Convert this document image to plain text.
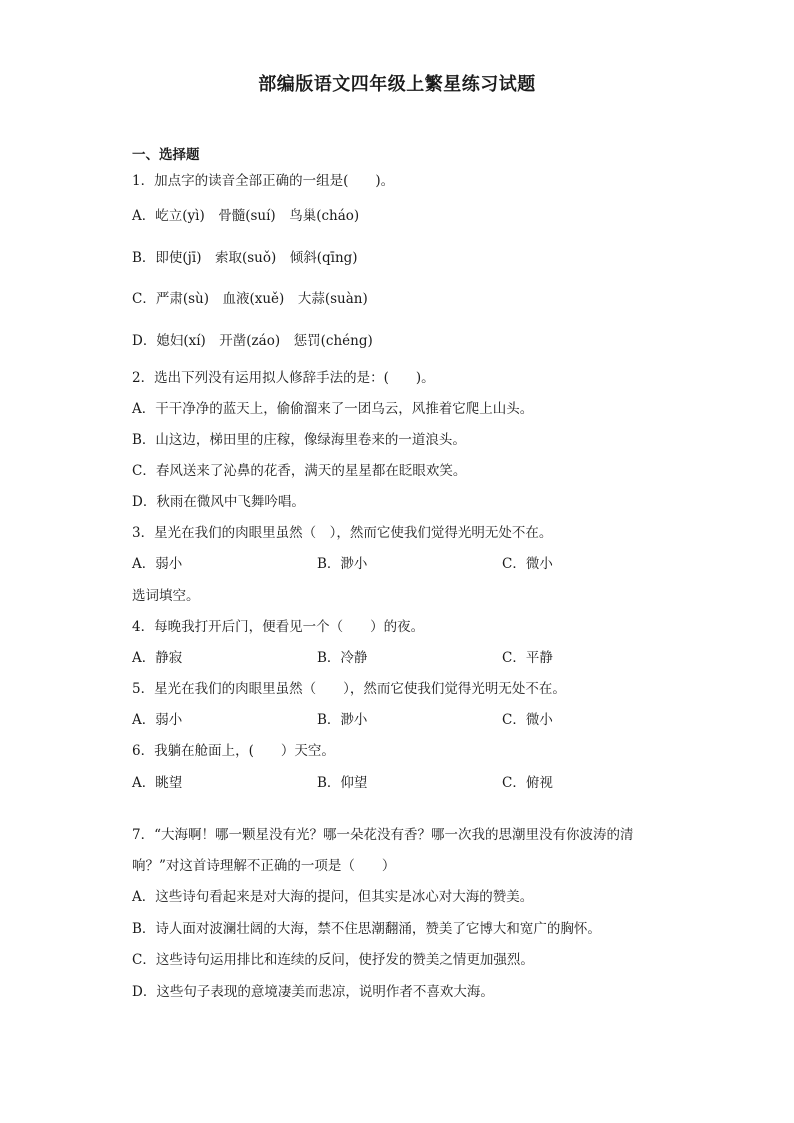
部编版语文四年级上繁星练习试题
一、选择题
1．加点字的读音全部正确的一组是(　　)。
A．屹立(yì)　骨髓(suí)　鸟巢(cháo)
B．即使(jī)　索取(suǒ)　倾斜(qīng)
C．严肃(sù)　血液(xuě)　大蒜(suàn)
D．媳妇(xí)　开凿(záo)　惩罚(chéng)
2．选出下列没有运用拟人修辞手法的是：(　　)。
A．干干净净的蓝天上，偷偷溜来了一团乌云，风推着它爬上山头。
B．山这边，梯田里的庄稼，像绿海里卷来的一道浪头。
C．春风送来了沁鼻的花香，满天的星星都在眨眼欢笑。
D．秋雨在微风中飞舞吟唱。
3．星光在我们的肉眼里虽然（　），然而它使我们觉得光明无处不在。
A．弱小	B．渺小	C．微小
选词填空。
4．每晚我打开后门，便看见一个（　　）的夜。
A．静寂	B．冷静	C．平静
5．星光在我们的肉眼里虽然（　　），然而它使我们觉得光明无处不在。
A．弱小	B．渺小	C．微小
6．我躺在舱面上，(　　）天空。
A．眺望	B．仰望	C．俯视
7．“大海啊！哪一颗星没有光？哪一朵花没有香？哪一次我的思潮里没有你波涛的清
响？”对这首诗理解不正确的一项是（　　）
A．这些诗句看起来是对大海的提问，但其实是冰心对大海的赞美。
B．诗人面对波澜壮阔的大海，禁不住思潮翻涌，赞美了它博大和宽广的胸怀。
C．这些诗句运用排比和连续的反问，使抒发的赞美之情更加强烈。
D．这些句子表现的意境凄美而悲凉，说明作者不喜欢大海。
